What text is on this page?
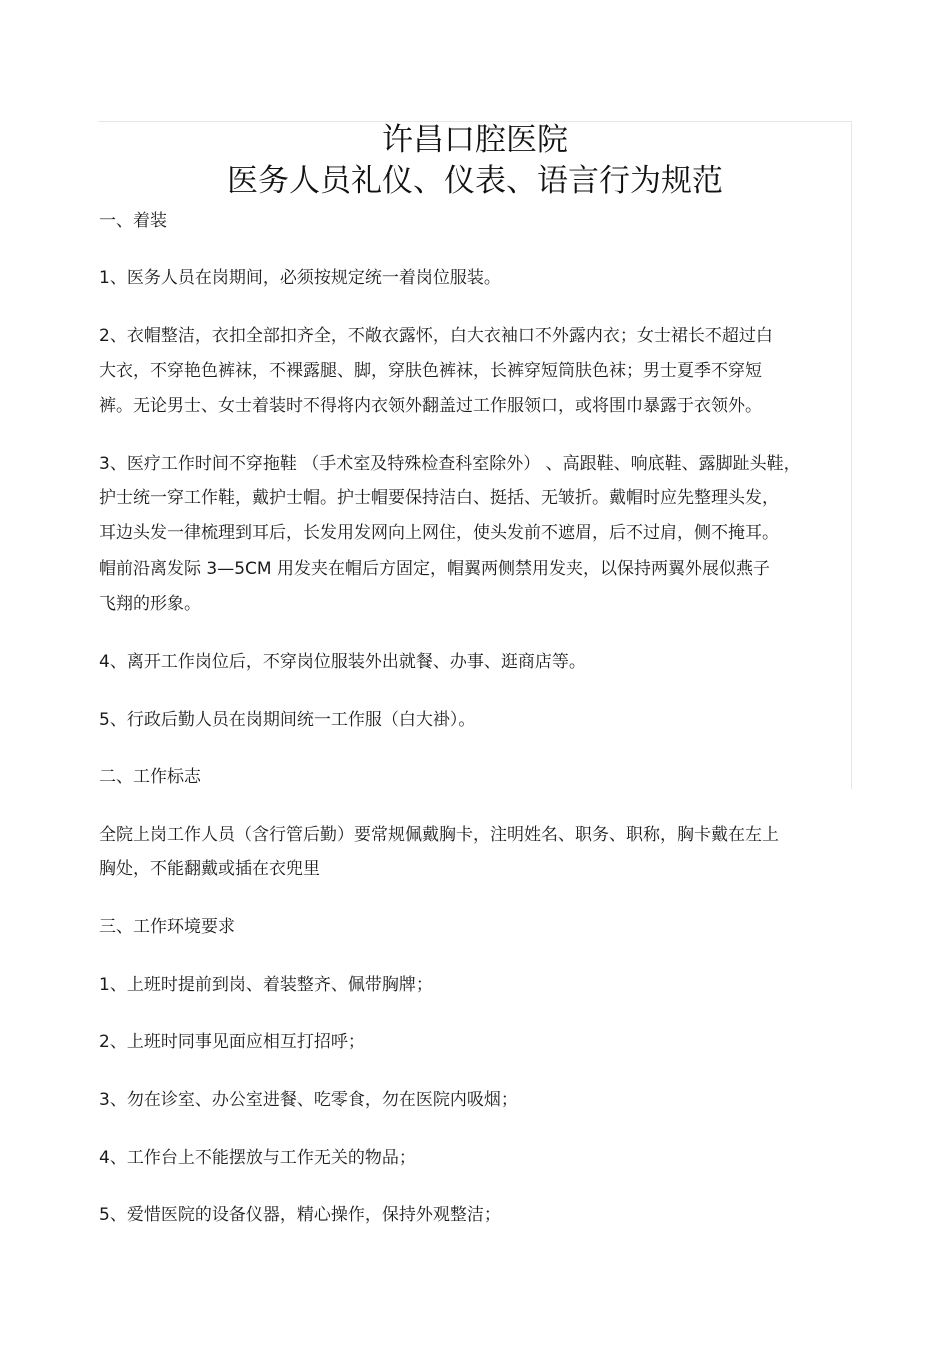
许昌口腔医院
医务人员礼仪、仪表、语言行为规范
一、着装
1、医务人员在岗期间，必须按规定统一着岗位服装。
2、衣帽整洁，衣扣全部扣齐全，不敞衣露怀，白大衣袖口不外露内衣；女士裙长不超过白
大衣，不穿艳色裤袜，不裸露腿、脚，穿肤色裤袜，长裤穿短筒肤色袜；男士夏季不穿短
裤。无论男士、女士着装时不得将内衣领外翻盖过工作服领口，或将围巾暴露于衣领外。
3、医疗工作时间不穿拖鞋 （手术室及特殊检查科室除外） 、高跟鞋、响底鞋、露脚趾头鞋，
护士统一穿工作鞋，戴护士帽。护士帽要保持洁白、挺括、无皱折。戴帽时应先整理头发，
耳边头发一律梳理到耳后，长发用发网向上网住，使头发前不遮眉，后不过肩，侧不掩耳。
帽前沿离发际 3—5CM 用发夹在帽后方固定，帽翼两侧禁用发夹，以保持两翼外展似燕子
飞翔的形象。
4、离开工作岗位后，不穿岗位服装外出就餐、办事、逛商店等。
5、行政后勤人员在岗期间统一工作服（白大褂）。
二、工作标志
全院上岗工作人员（含行管后勤）要常规佩戴胸卡，注明姓名、职务、职称，胸卡戴在左上
胸处，不能翻戴或插在衣兜里
三、工作环境要求
1、上班时提前到岗、着装整齐、佩带胸牌；
2、上班时同事见面应相互打招呼；
3、勿在诊室、办公室进餐、吃零食，勿在医院内吸烟；
4、工作台上不能摆放与工作无关的物品；
5、爱惜医院的设备仪器，精心操作，保持外观整洁；
